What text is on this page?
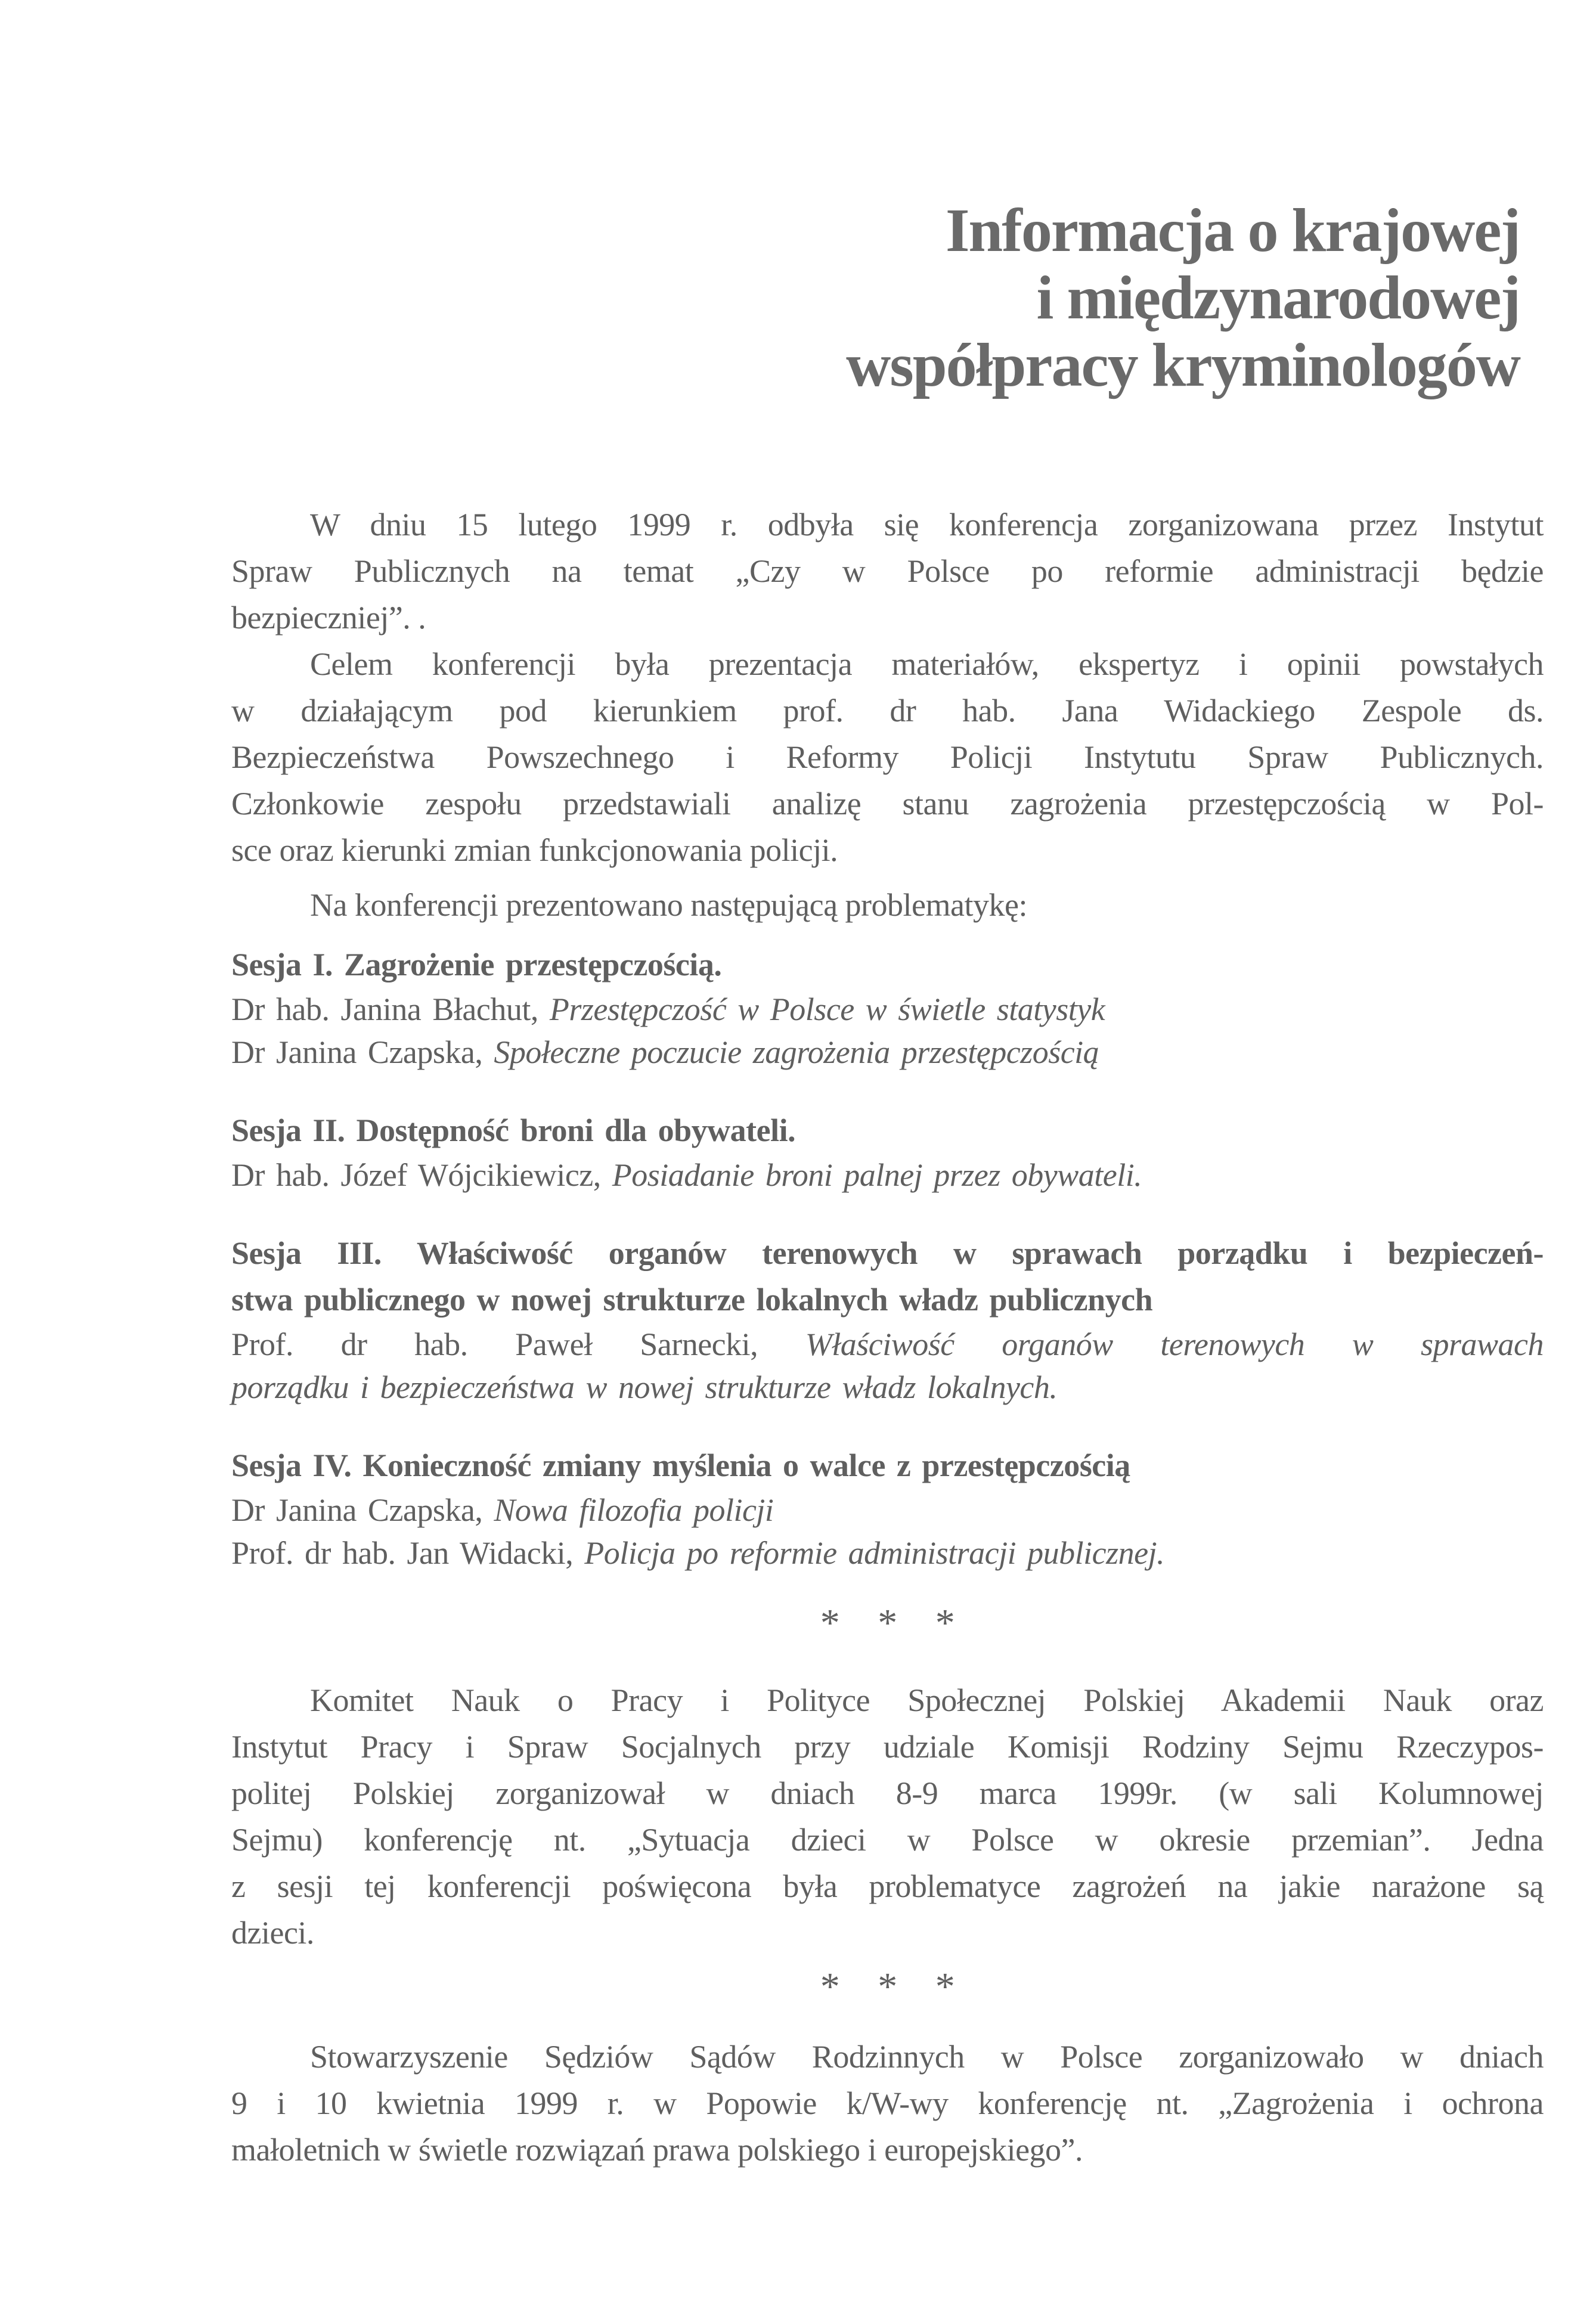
Informacja o krajowej
i międzynarodowej
współpracy kryminologów
W dniu 15 lutego 1999 r. odbyła się konferencja zorganizowana przez Instytut
Spraw Publicznych na temat „Czy w Polsce po reformie administracji będzie
bezpieczniej”. .
Celem konferencji była prezentacja materiałów, ekspertyz i opinii powstałych
w działającym pod kierunkiem prof. dr hab. Jana Widackiego Zespole ds.
Bezpieczeństwa Powszechnego i Reformy Policji Instytutu Spraw Publicznych.
Członkowie zespołu przedstawiali analizę stanu zagrożenia przestępczością w Pol-
sce oraz kierunki zmian funkcjonowania policji.
Na konferencji prezentowano następującą problematykę:
Sesja I. Zagrożenie przestępczością.
Dr hab. Janina Błachut, Przestępczość w Polsce w świetle statystyk
Dr Janina Czapska, Społeczne poczucie zagrożenia przestępczością
Sesja II. Dostępność broni dla obywateli.
Dr hab. Józef Wójcikiewicz, Posiadanie broni palnej przez obywateli.
Sesja III. Właściwość organów terenowych w sprawach porządku i bezpieczeń-
stwa publicznego w nowej strukturze lokalnych władz publicznych
Prof. dr hab. Paweł Sarnecki, Właściwość organów terenowych w sprawach
porządku i bezpieczeństwa w nowej strukturze władz lokalnych.
Sesja IV. Konieczność zmiany myślenia o walce z przestępczością
Dr Janina Czapska, Nowa filozofia policji
Prof. dr hab. Jan Widacki, Policja po reformie administracji publicznej.
* * *
Komitet Nauk o Pracy i Polityce Społecznej Polskiej Akademii Nauk oraz
Instytut Pracy i Spraw Socjalnych przy udziale Komisji Rodziny Sejmu Rzeczypos-
politej Polskiej zorganizował w dniach 8-9 marca 1999r. (w sali Kolumnowej
Sejmu) konferencję nt. „Sytuacja dzieci w Polsce w okresie przemian”. Jedna
z sesji tej konferencji poświęcona była problematyce zagrożeń na jakie narażone są
dzieci.
* * *
Stowarzyszenie Sędziów Sądów Rodzinnych w Polsce zorganizowało w dniach
9 i 10 kwietnia 1999 r. w Popowie k/W-wy konferencję nt. „Zagrożenia i ochrona
małoletnich w świetle rozwiązań prawa polskiego i europejskiego”.
